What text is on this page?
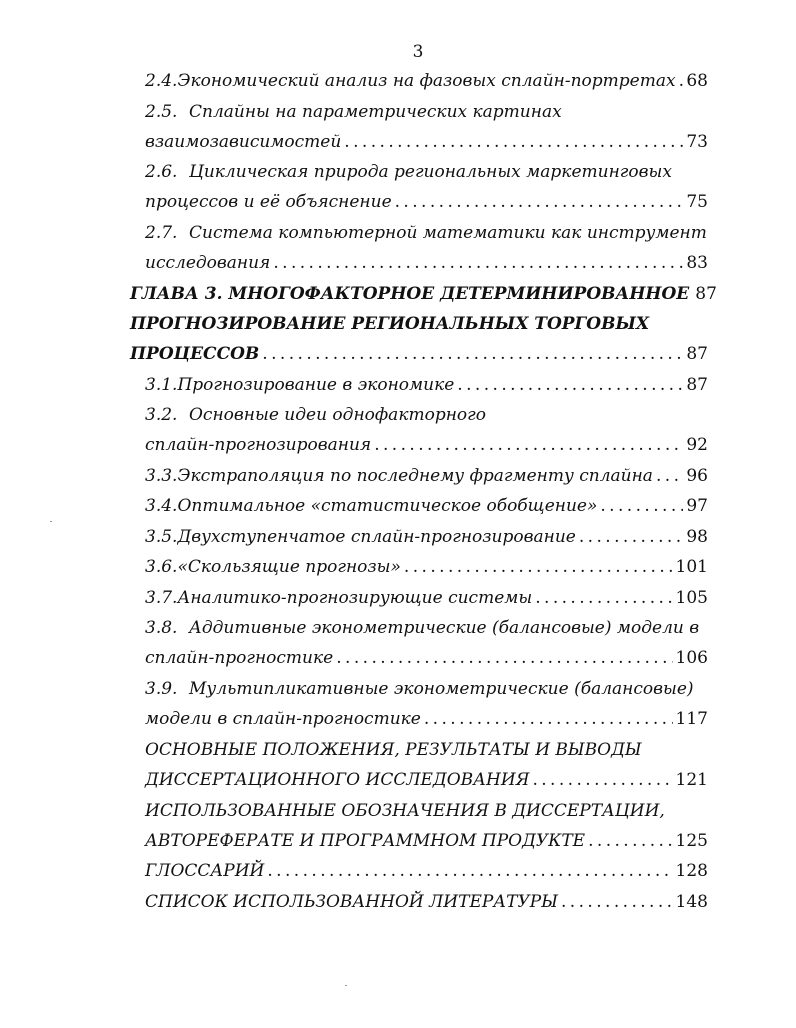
3
2.4. Экономический анализ на фазовых сплайн-портретах . . . 68
2.5. Сплайны на параметрических картинах
взаимозависимостей . . .	73
2.6. Циклическая природа региональных маркетинговых
процессов и её объяснение . . .	75
2.7. Система компьютерной математики как инструмент
исследования . . .	83
ГЛАВА 3. МНОГОФАКТОРНОЕ ДЕТЕРМИНИРОВАННОЕ 87
ПРОГНОЗИРОВАНИЕ РЕГИОНАЛЬНЫХ ТОРГОВЫХ
ПРОЦЕССОВ . . .	87
3.1. Прогнозирование в экономике . . .	87
3.2. Основные идеи однофакторного
сплайн-прогнозирования . . .	92
3.3. Экстраполяция по последнему фрагменту сплайна . . . 96
3.4. Оптимальное «статистическое обобщение» . . .	97
3.5. Двухступенчатое сплайн-прогнозирование . . .	98
3.6. «Скользящие прогнозы» . . .	101
3.7. Аналитико-прогнозирующие системы . . .	105
3.8. Аддитивные эконометрические (балансовые) модели в
сплайн-прогностике . . .	106
3.9. Мультипликативные эконометрические (балансовые)
модели в сплайн-прогностике . . .	117
ОСНОВНЫЕ ПОЛОЖЕНИЯ, РЕЗУЛЬТАТЫ И ВЫВОДЫ
ДИССЕРТАЦИОННОГО ИССЛЕДОВАНИЯ . . .	121
ИСПОЛЬЗОВАННЫЕ ОБОЗНАЧЕНИЯ В ДИССЕРТАЦИИ,
АВТОРЕФЕРАТЕ И ПРОГРАММНОМ ПРОДУКТЕ . . .	125
ГЛОССАРИЙ . . .	128
СПИСОК ИСПОЛЬЗОВАННОЙ ЛИТЕРАТУРЫ . . .	148
